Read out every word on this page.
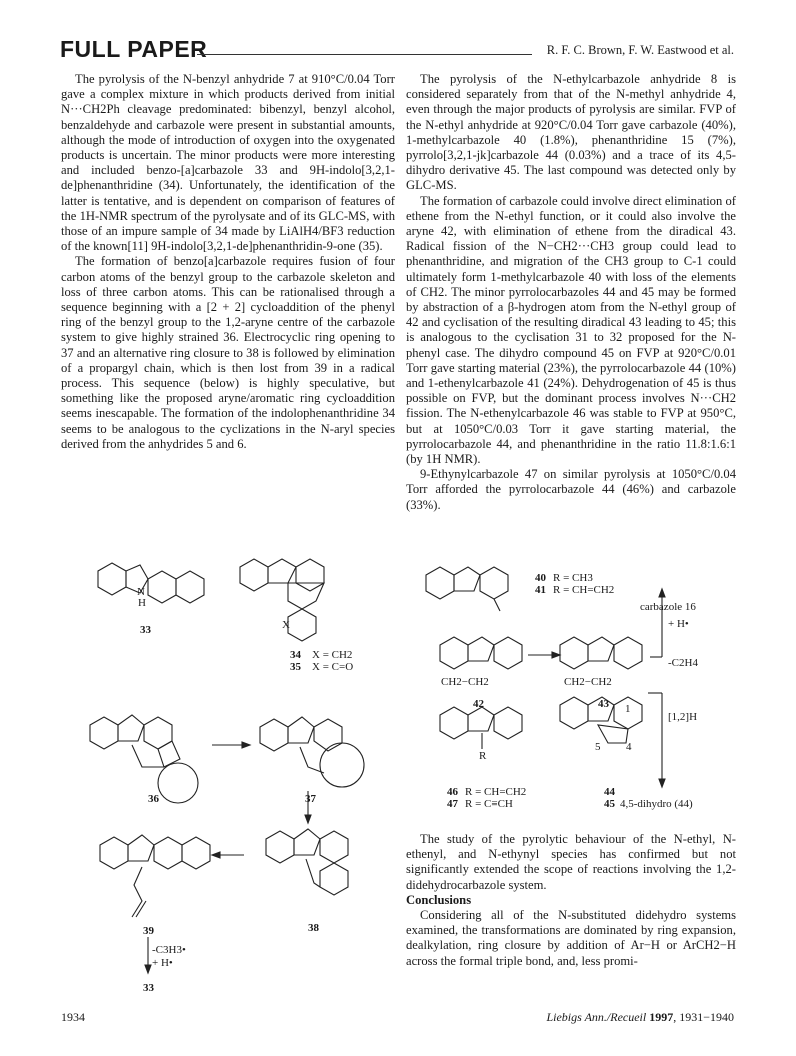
FULL PAPER	R. F. C. Brown, F. W. Eastwood et al.

The pyrolysis of the N-benzyl anhydride 7 at 910°C/0.04 Torr gave a complex mixture in which products derived from initial N···CH2Ph cleavage predominated: bibenzyl, benzyl alcohol, benzaldehyde and carbazole were present in substantial amounts, although the mode of introduction of oxygen into the oxygenated products is uncertain. The minor products were more interesting and included benzo-[a]carbazole 33 and 9H-indolo[3,2,1-de]phenanthridine (34). Unfortunately, the identification of the latter is tentative, and is dependent on comparison of features of the 1H-NMR spectrum of the pyrolysate and of its GLC-MS, with those of an impure sample of 34 made by LiAlH4/BF3 reduction of the known[11] 9H-indolo[3,2,1-de]phenanthridin-9-one (35).

The formation of benzo[a]carbazole requires fusion of four carbon atoms of the benzyl group to the carbazole skeleton and loss of three carbon atoms. This can be rationalised through a sequence beginning with a [2 + 2] cycloaddition of the phenyl ring of the benzyl group to the 1,2-aryne centre of the carbazole system to give highly strained 36. Electrocyclic ring opening to 37 and an alternative ring closure to 38 is followed by elimination of a propargyl chain, which is then lost from 39 in a radical process. This sequence (below) is highly speculative, but something like the proposed aryne/aromatic ring cycloaddition seems inescapable. The formation of the indolophenanthridine 34 seems to be analogous to the cyclizations in the N-aryl species derived from the anhydrides 5 and 6.

The pyrolysis of the N-ethylcarbazole anhydride 8 is considered separately from that of the N-methyl anhydride 4, even through the major products of pyrolysis are similar. FVP of the N-ethyl anhydride at 920°C/0.04 Torr gave carbazole (40%), 1-methylcarbazole 40 (1.8%), phenanthridine 15 (7%), pyrrolo[3,2,1-jk]carbazole 44 (0.03%) and a trace of its 4,5-dihydro derivative 45. The last compound was detected only by GLC-MS.

The formation of carbazole could involve direct elimination of ethene from the N-ethyl function, or it could also involve the aryne 42, with elimination of ethene from the diradical 43. Radical fission of the N−CH2···CH3 group could lead to phenanthridine, and migration of the CH3 group to C-1 could ultimately form 1-methylcarbazole 40 with loss of the elements of CH2. The minor pyrrolocarbazoles 44 and 45 may be formed by abstraction of a β-hydrogen atom from the N-ethyl group of 42 and cyclisation of the resulting diradical 43 leading to 45; this is analogous to the cyclisation 31 to 32 proposed for the N-phenyl case. The dihydro compound 45 on FVP at 920°C/0.01 Torr gave starting material (23%), the pyrrolocarbazole 44 (10%) and 1-ethenylcarbazole 41 (24%). Dehydrogenation of 45 is thus possible on FVP, but the dominant process involves N···CH2 fission. The N-ethenylcarbazole 46 was stable to FVP at 950°C, but at 1050°C/0.03 Torr it gave starting material, the pyrrolocarbazole 44, and phenanthridine in the ratio 11.8:1.6:1 (by 1H NMR).

9-Ethynylcarbazole 47 on similar pyrolysis at 1050°C/0.04 Torr afforded the pyrrolocarbazole 44 (46%) and carbazole (33%).

N
H
X
33
34 X = CH2
35 X = C=O
36	37
38
39
-C3H3•
+ H•
33
40 R = CH3
41 R = CH=CH2
carbazole 16
+ H•
-C2H4
CH2−CH2	CH2−CH2
42	43 1
[1,2]H
R
5 4
46 R = CH=CH2
47 R = C≡CH
44
45 4,5-dihydro (44)

The study of the pyrolytic behaviour of the N-ethyl, N-ethenyl, and N-ethynyl species has confirmed but not significantly extended the scope of reactions involving the 1,2-didehydrocarbazole system.

Conclusions

Considering all of the N-substituted didehydro systems examined, the transformations are dominated by ring expansion, dealkylation, ring closure by addition of Ar−H or ArCH2−H across the formal triple bond, and, less promi-

1934	Liebigs Ann./Recueil 1997, 1931−1940
